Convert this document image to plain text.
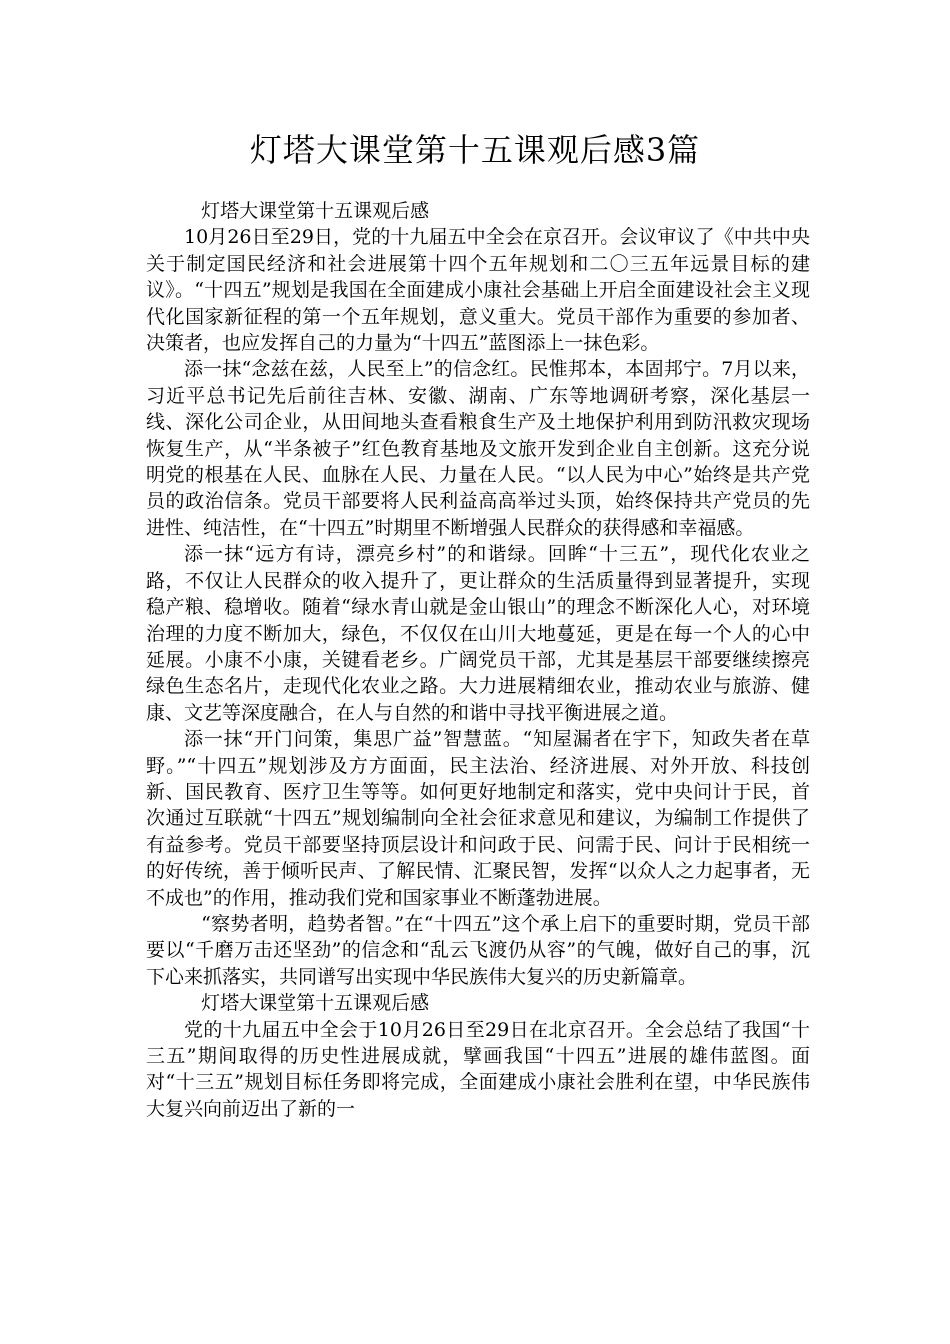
灯塔大课堂第十五课观后感3篇

灯塔大课堂第十五课观后感

10月26日至29日，党的十九届五中全会在京召开。会议审议了《中共中央关于制定国民经济和社会进展第十四个五年规划和二〇三五年远景目标的建议》。“十四五”规划是我国在全面建成小康社会基础上开启全面建设社会主义现代化国家新征程的第一个五年规划，意义重大。党员干部作为重要的参加者、决策者，也应发挥自己的力量为“十四五”蓝图添上一抹色彩。

添一抹“念兹在兹，人民至上”的信念红。民惟邦本，本固邦宁。7月以来，习近平总书记先后前往吉林、安徽、湖南、广东等地调研考察，深化基层一线、深化公司企业，从田间地头查看粮食生产及土地保护利用到防汛救灾现场恢复生产，从“半条被子”红色教育基地及文旅开发到企业自主创新。这充分说明党的根基在人民、血脉在人民、力量在人民。“以人民为中心”始终是共产党员的政治信条。党员干部要将人民利益高高举过头顶，始终保持共产党员的先进性、纯洁性，在“十四五”时期里不断增强人民群众的获得感和幸福感。

添一抹“远方有诗，漂亮乡村”的和谐绿。回眸“十三五”，现代化农业之路，不仅让人民群众的收入提升了，更让群众的生活质量得到显著提升，实现稳产粮、稳增收。随着“绿水青山就是金山银山”的理念不断深化人心，对环境治理的力度不断加大，绿色，不仅仅在山川大地蔓延，更是在每一个人的心中延展。小康不小康，关键看老乡。广阔党员干部，尤其是基层干部要继续擦亮绿色生态名片，走现代化农业之路。大力进展精细农业，推动农业与旅游、健康、文艺等深度融合，在人与自然的和谐中寻找平衡进展之道。

添一抹“开门问策，集思广益”智慧蓝。“知屋漏者在宇下，知政失者在草野。”“十四五”规划涉及方方面面，民主法治、经济进展、对外开放、科技创新、国民教育、医疗卫生等等。如何更好地制定和落实，党中央问计于民，首次通过互联就“十四五”规划编制向全社会征求意见和建议，为编制工作提供了有益参考。党员干部要坚持顶层设计和问政于民、问需于民、问计于民相统一的好传统，善于倾听民声、了解民情、汇聚民智，发挥“以众人之力起事者，无不成也”的作用，推动我们党和国家事业不断蓬勃进展。

“察势者明，趋势者智。”在“十四五”这个承上启下的重要时期，党员干部要以“千磨万击还坚劲”的信念和“乱云飞渡仍从容”的气魄，做好自己的事，沉下心来抓落实，共同谱写出实现中华民族伟大复兴的历史新篇章。

灯塔大课堂第十五课观后感

党的十九届五中全会于10月26日至29日在北京召开。全会总结了我国“十三五”期间取得的历史性进展成就，擘画我国“十四五”进展的雄伟蓝图。面对“十三五”规划目标任务即将完成，全面建成小康社会胜利在望，中华民族伟大复兴向前迈出了新的一
